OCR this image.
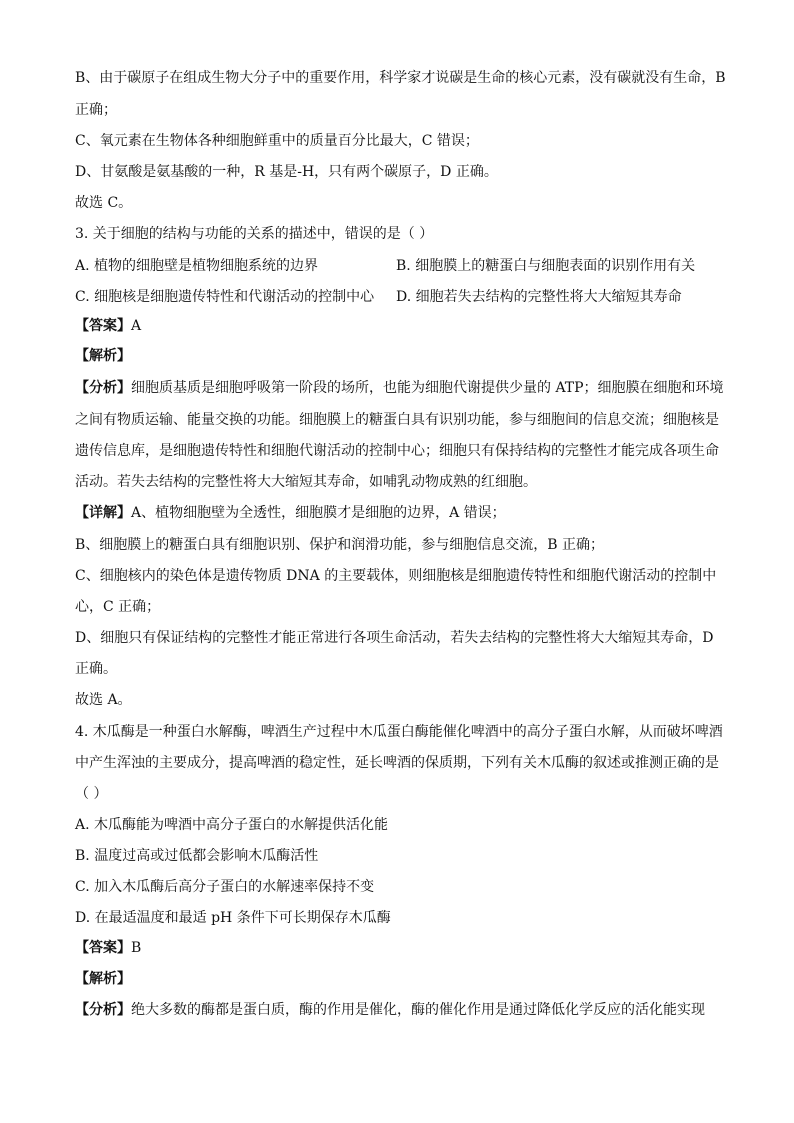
B、由于碳原子在组成生物大分子中的重要作用，科学家才说碳是生命的核心元素，没有碳就没有生命，B
正确；
C、氧元素在生物体各种细胞鲜重中的质量百分比最大，C 错误；
D、甘氨酸是氨基酸的一种，R 基是-H，只有两个碳原子，D 正确。
故选 C。
3. 关于细胞的结构与功能的关系的描述中，错误的是（ ）
A. 植物的细胞壁是植物细胞系统的边界	B. 细胞膜上的糖蛋白与细胞表面的识别作用有关
C. 细胞核是细胞遗传特性和代谢活动的控制中心 D. 细胞若失去结构的完整性将大大缩短其寿命
【答案】A
【解析】
【分析】细胞质基质是细胞呼吸第一阶段的场所，也能为细胞代谢提供少量的 ATP；细胞膜在细胞和环境
之间有物质运输、能量交换的功能。细胞膜上的糖蛋白具有识别功能，参与细胞间的信息交流；细胞核是
遗传信息库，是细胞遗传特性和细胞代谢活动的控制中心；细胞只有保持结构的完整性才能完成各项生命
活动。若失去结构的完整性将大大缩短其寿命，如哺乳动物成熟的红细胞。
【详解】A、植物细胞壁为全透性，细胞膜才是细胞的边界，A 错误；
B、细胞膜上的糖蛋白具有细胞识别、保护和润滑功能，参与细胞信息交流，B 正确；
C、细胞核内的染色体是遗传物质 DNA 的主要载体，则细胞核是细胞遗传特性和细胞代谢活动的控制中
心，C 正确；
D、细胞只有保证结构的完整性才能正常进行各项生命活动，若失去结构的完整性将大大缩短其寿命，D
正确。
故选 A。
4. 木瓜酶是一种蛋白水解酶，啤酒生产过程中木瓜蛋白酶能催化啤酒中的高分子蛋白水解，从而破坏啤酒
中产生浑浊的主要成分，提高啤酒的稳定性，延长啤酒的保质期，下列有关木瓜酶的叙述或推测正确的是
（ ）
A. 木瓜酶能为啤酒中高分子蛋白的水解提供活化能
B. 温度过高或过低都会影响木瓜酶活性
C. 加入木瓜酶后高分子蛋白的水解速率保持不变
D. 在最适温度和最适 pH 条件下可长期保存木瓜酶
【答案】B
【解析】
【分析】绝大多数的酶都是蛋白质，酶的作用是催化，酶的催化作用是通过降低化学反应的活化能实现
